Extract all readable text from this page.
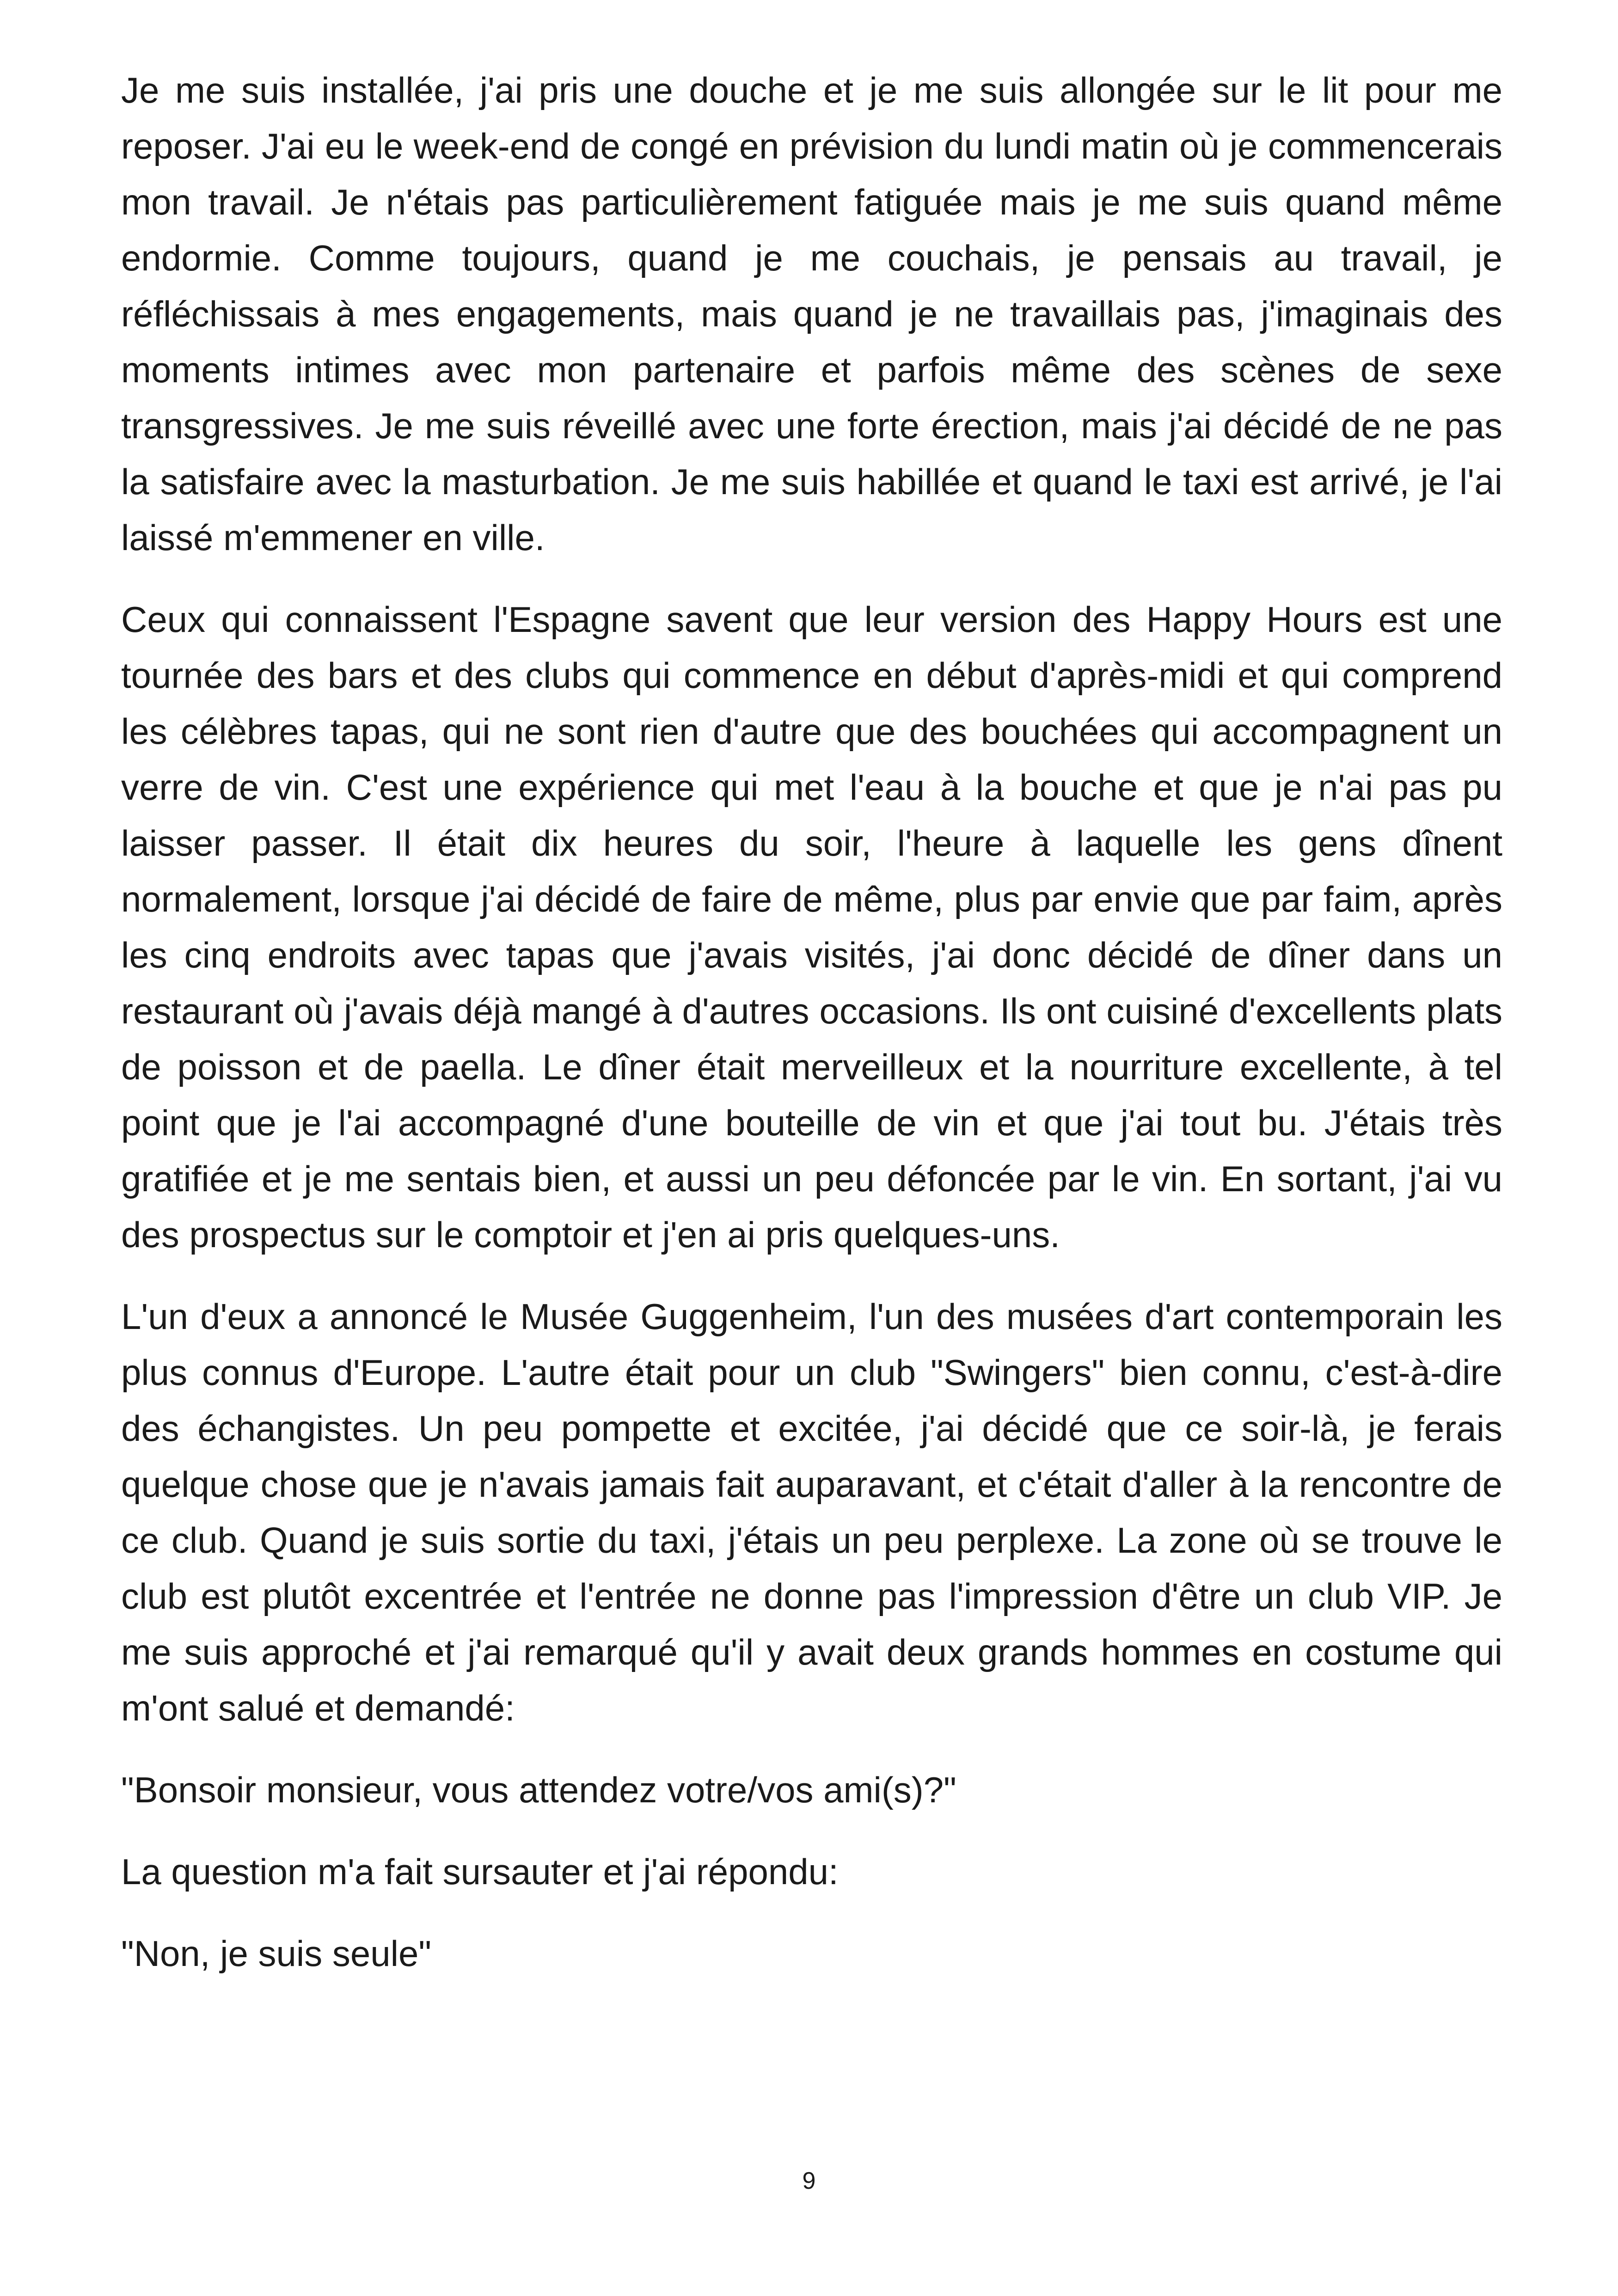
Je me suis installée, j'ai pris une douche et je me suis allongée sur le lit pour me reposer. J'ai eu le week-end de congé en prévision du lundi matin où je commencerais mon travail. Je n'étais pas particulièrement fatiguée mais je me suis quand même endormie. Comme toujours, quand je me couchais, je pensais au travail, je réfléchissais à mes engagements, mais quand je ne travaillais pas, j'imaginais des moments intimes avec mon partenaire et parfois même des scènes de sexe transgressives. Je me suis réveillé avec une forte érection, mais j'ai décidé de ne pas la satisfaire avec la masturbation. Je me suis habillée et quand le taxi est arrivé, je l'ai laissé m'emmener en ville.

Ceux qui connaissent l'Espagne savent que leur version des Happy Hours est une tournée des bars et des clubs qui commence en début d'après-midi et qui comprend les célèbres tapas, qui ne sont rien d'autre que des bouchées qui accompagnent un verre de vin. C'est une expérience qui met l'eau à la bouche et que je n'ai pas pu laisser passer. Il était dix heures du soir, l'heure à laquelle les gens dînent normalement, lorsque j'ai décidé de faire de même, plus par envie que par faim, après les cinq endroits avec tapas que j'avais visités, j'ai donc décidé de dîner dans un restaurant où j'avais déjà mangé à d'autres occasions. Ils ont cuisiné d'excellents plats de poisson et de paella. Le dîner était merveilleux et la nourriture excellente, à tel point que je l'ai accompagné d'une bouteille de vin et que j'ai tout bu. J'étais très gratifiée et je me sentais bien, et aussi un peu défoncée par le vin. En sortant, j'ai vu des prospectus sur le comptoir et j'en ai pris quelques-uns.

L'un d'eux a annoncé le Musée Guggenheim, l'un des musées d'art contemporain les plus connus d'Europe. L'autre était pour un club "Swingers" bien connu, c'est-à-dire des échangistes. Un peu pompette et excitée, j'ai décidé que ce soir-là, je ferais quelque chose que je n'avais jamais fait auparavant, et c'était d'aller à la rencontre de ce club. Quand je suis sortie du taxi, j'étais un peu perplexe. La zone où se trouve le club est plutôt excentrée et l'entrée ne donne pas l'impression d'être un club VIP. Je me suis approché et j'ai remarqué qu'il y avait deux grands hommes en costume qui m'ont salué et demandé:

"Bonsoir monsieur, vous attendez votre/vos ami(s)?"

La question m'a fait sursauter et j'ai répondu:

"Non, je suis seule"

9
